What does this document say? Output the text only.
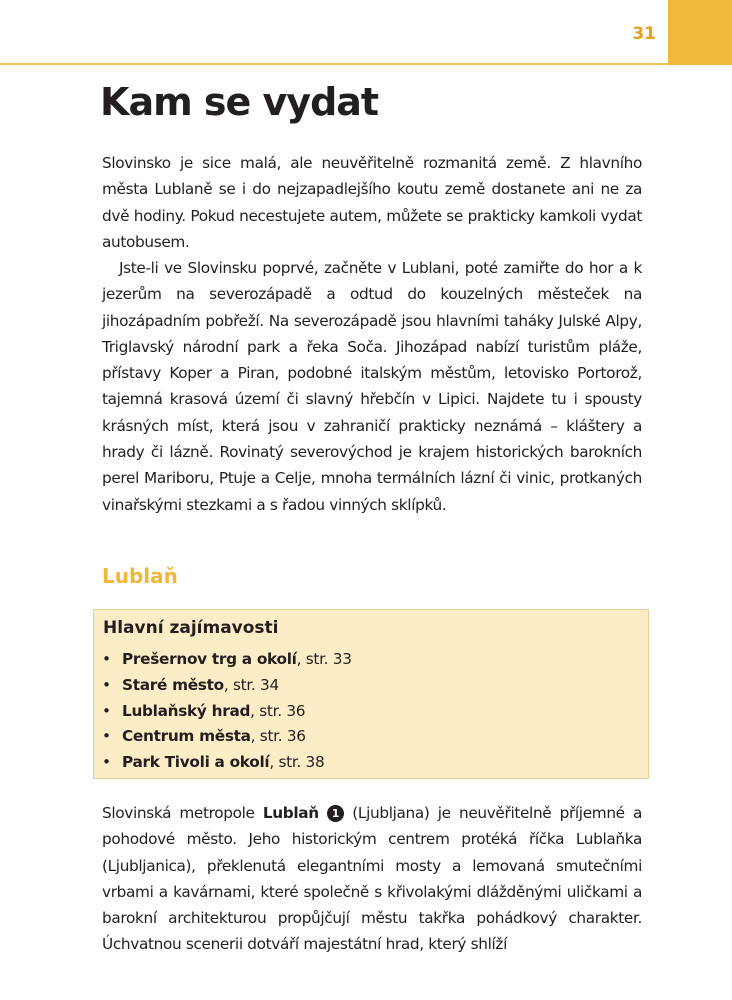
31
Kam se vydat

Slovinsko je sice malá, ale neuvěřitelně rozmanitá země. Z hlavního města Lublaně se i do nejzapadlejšího koutu země dostanete ani ne za dvě hodiny. Pokud necestujete autem, můžete se prakticky kamkoli vydat autobusem.

Jste-li ve Slovinsku poprvé, začněte v Lublani, poté zamiřte do hor a k jezerům na severozápadě a odtud do kouzelných městeček na jihozápadním pobřeží. Na severozápadě jsou hlavními taháky Julské Alpy, Triglavský národní park a řeka Soča. Jihozápad nabízí turistům pláže, přístavy Koper a Piran, podobné italským městům, letovisko Portorož, tajemná krasová území či slavný hřebčín v Lipici. Najdete tu i spousty krásných míst, která jsou v zahraničí prakticky neznámá – kláštery a hrady či lázně. Rovinatý severovýchod je krajem historických barokních perel Mariboru, Ptuje a Celje, mnoha termálních lázní či vinic, protkaných vinařskými stezkami a s řadou vinných sklípků.

Lublaň
Hlavní zajímavosti
• Prešernov trg a okolí, str. 33
• Staré město, str. 34
• Lublaňský hrad, str. 36
• Centrum města, str. 36
• Park Tivoli a okolí, str. 38

Slovinská metropole Lublaň 1 (Ljubljana) je neuvěřitelně příjemné a pohodové město. Jeho historickým centrem protéká říčka Lublaňka (Ljubljanica), překlenutá elegantními mosty a lemovaná smutečními vrbami a kavárnami, které společně s křivolakými dlážděnými uličkami a barokní architekturou propůjčují městu takřka pohádkový charakter. Úchvatnou scenerii dotváří majestátní hrad, který shlíží
